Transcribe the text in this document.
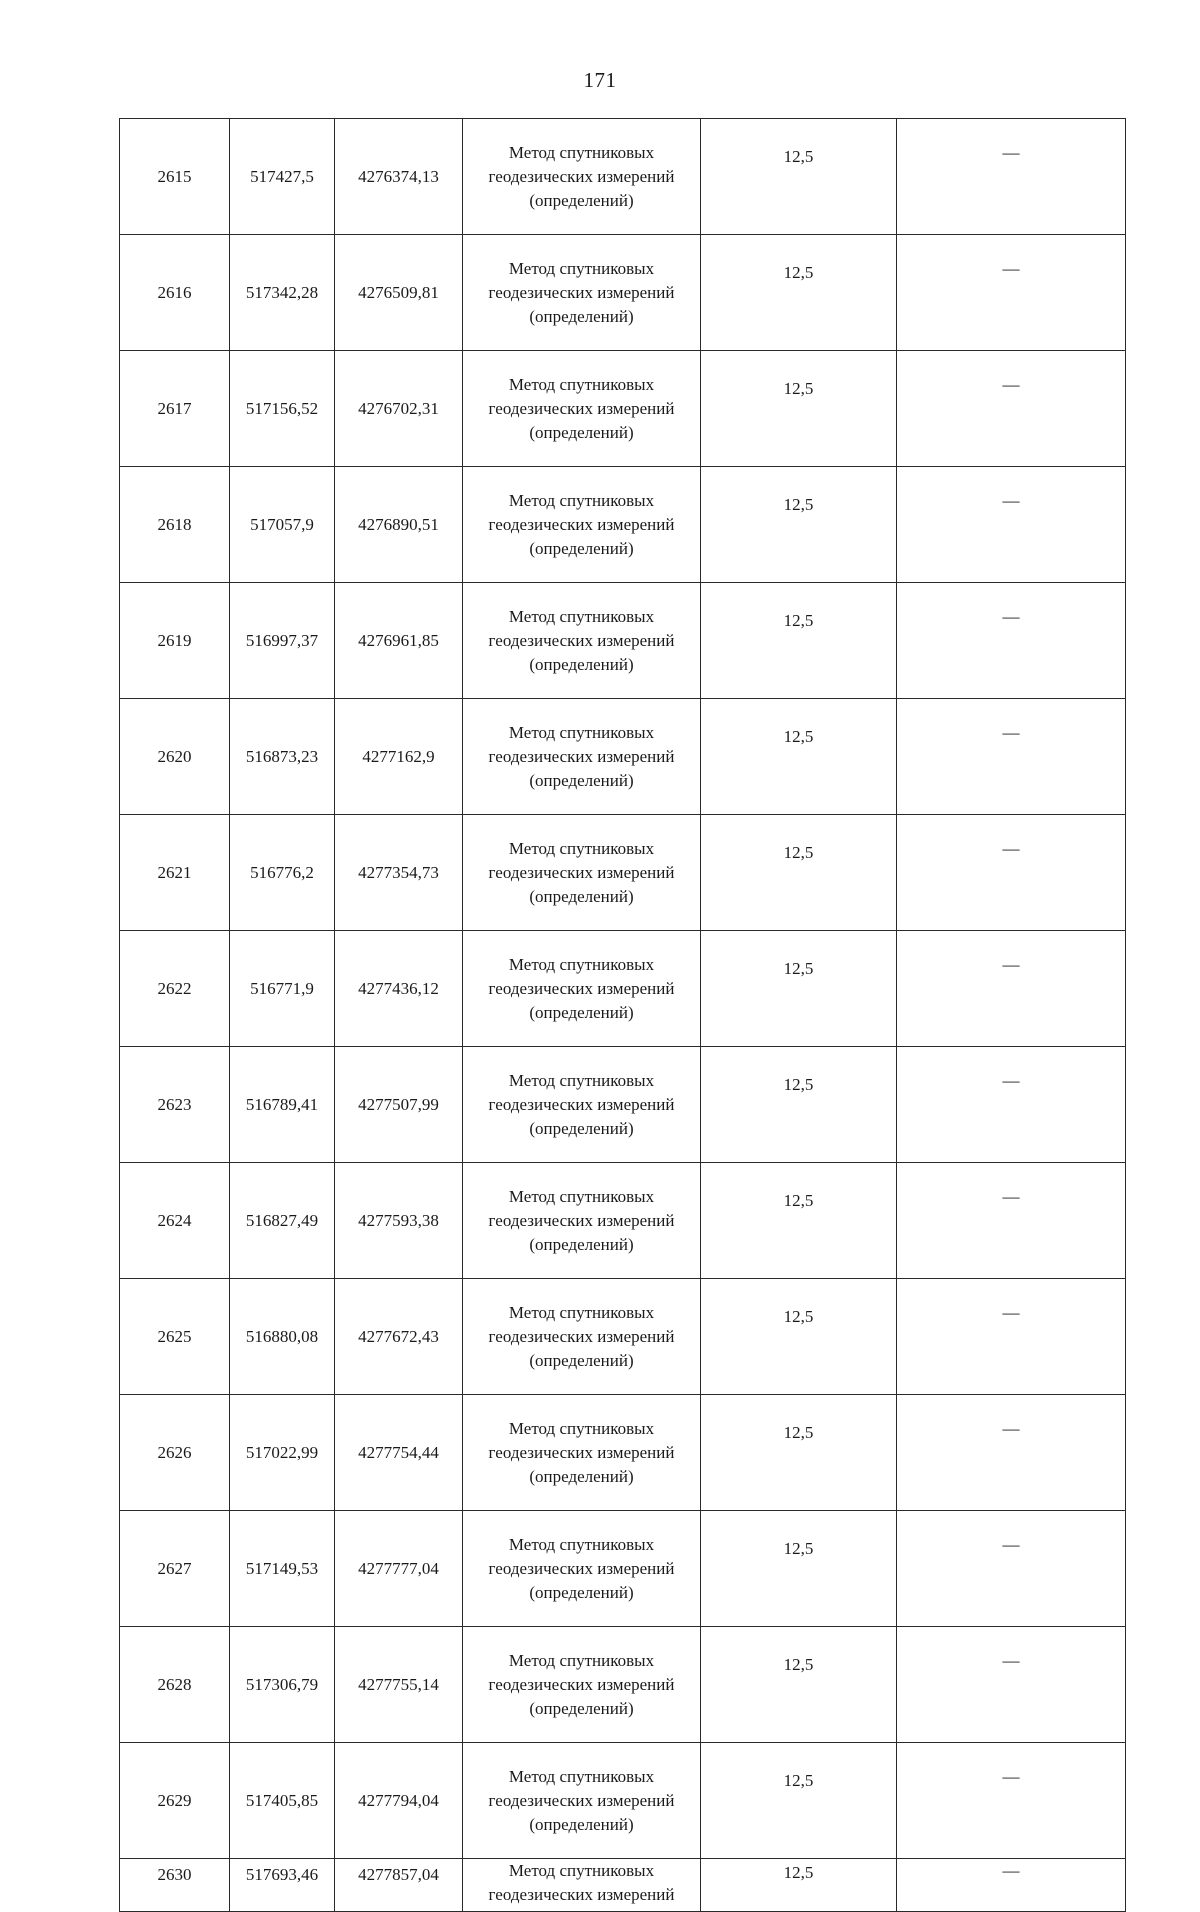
171
2615	517427,5	4276374,13	Метод спутниковых
геодезических измерений
(определений)	12,5	—
2616	517342,28	4276509,81	Метод спутниковых
геодезических измерений
(определений)	12,5	—
2617	517156,52	4276702,31	Метод спутниковых
геодезических измерений
(определений)	12,5	—
2618	517057,9	4276890,51	Метод спутниковых
геодезических измерений
(определений)	12,5	—
2619	516997,37	4276961,85	Метод спутниковых
геодезических измерений
(определений)	12,5	—
2620	516873,23	4277162,9	Метод спутниковых
геодезических измерений
(определений)	12,5	—
2621	516776,2	4277354,73	Метод спутниковых
геодезических измерений
(определений)	12,5	—
2622	516771,9	4277436,12	Метод спутниковых
геодезических измерений
(определений)	12,5	—
2623	516789,41	4277507,99	Метод спутниковых
геодезических измерений
(определений)	12,5	—
2624	516827,49	4277593,38	Метод спутниковых
геодезических измерений
(определений)	12,5	—
2625	516880,08	4277672,43	Метод спутниковых
геодезических измерений
(определений)	12,5	—
2626	517022,99	4277754,44	Метод спутниковых
геодезических измерений
(определений)	12,5	—
2627	517149,53	4277777,04	Метод спутниковых
геодезических измерений
(определений)	12,5	—
2628	517306,79	4277755,14	Метод спутниковых
геодезических измерений
(определений)	12,5	—
2629	517405,85	4277794,04	Метод спутниковых
геодезических измерений
(определений)	12,5	—
2630	517693,46	4277857,04	Метод спутниковых
геодезических измерений	12,5	—
